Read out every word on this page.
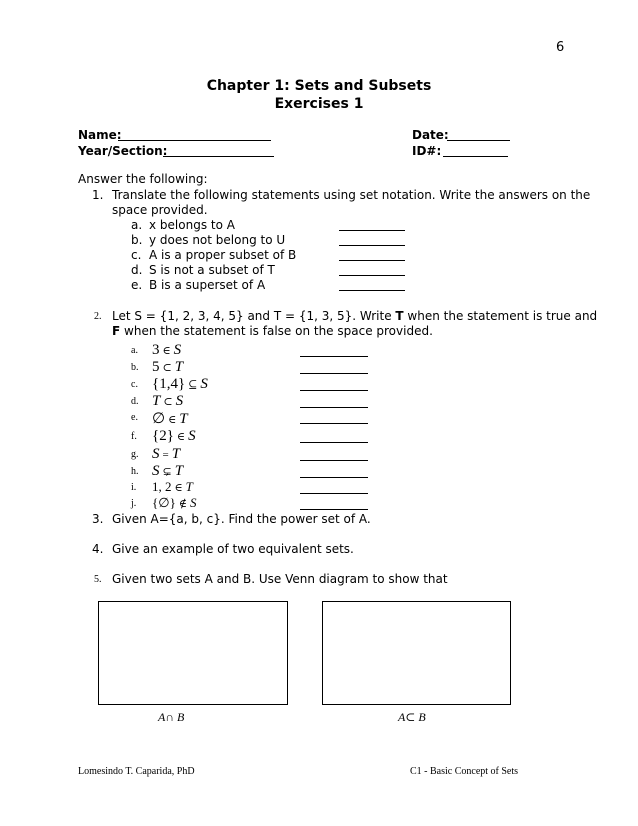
6
Chapter 1: Sets and Subsets
Exercises 1
Name:	Date:
Year/Section:	ID#:
Answer the following:
1. Translate the following statements using set notation. Write the answers on the
space provided.
a. x belongs to A
b. y does not belong to U
c. A is a proper subset of B
d. S is not a subset of T
e. B is a superset of A
2. Let S = {1, 2, 3, 4, 5} and T = {1, 3, 5}. Write T when the statement is true and
F when the statement is false on the space provided.
a. 3 ∈ S
b. 5 ⊂ T
c. {1,4} ⊆ S
d. T ⊂ S
e. ∅ ∈ T
f. {2} ∈ S
g. S = T
h. S ⊊ T
i. 1, 2 ∈ T
j. {∅} ∉ S
3. Given A={a, b, c}. Find the power set of A.
4. Give an example of two equivalent sets.
5. Given two sets A and B. Use Venn diagram to show that
A∩ B	A⊂ B
Lomesindo T. Caparida, PhD	C1 - Basic Concept of Sets
